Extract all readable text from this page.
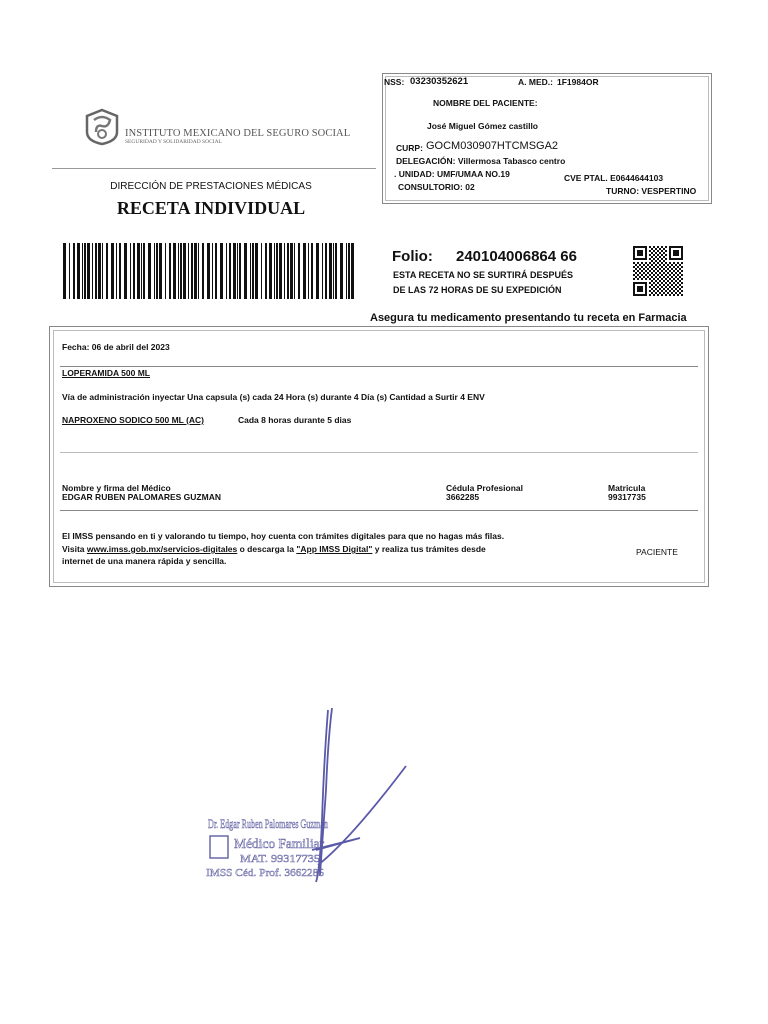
INSTITUTO MEXICANO DEL SEGURO SOCIAL
SEGURIDAD Y SOLIDARIDAD SOCIAL
DIRECCIÓN DE PRESTACIONES MÉDICAS
RECETA INDIVIDUAL
NSS: 03230352621	A. MED.: 1F1984OR
NOMBRE DEL PACIENTE:
José Miguel Gómez castillo
CURP: GOCM030907HTCMSGA2
DELEGACIÓN: Villermosa Tabasco centro
. UNIDAD: UMF/UMAA NO.19	CVE PTAL. E0644644103
CONSULTORIO: 02	TURNO: VESPERTINO
Folio: 240104006864 66
ESTA RECETA NO SE SURTIRÁ DESPUÉS
DE LAS 72 HORAS DE SU EXPEDICIÓN
Asegura tu medicamento presentando tu receta en Farmacia
Fecha: 06 de abril del 2023
LOPERAMIDA 500 ML
Vía de administración inyectar Una capsula (s) cada 24 Hora (s) durante 4 Día (s) Cantidad a Surtir 4 ENV
NAPROXENO SODICO 500 ML (AC)	Cada 8 horas durante 5 dias
Nombre y firma del Médico
EDGAR RUBEN PALOMARES GUZMAN
Cédula Profesional
3662285
Matricula
99317735
El IMSS pensando en ti y valorando tu tiempo, hoy cuenta con trámites digitales para que no hagas más filas.
Visita www.imss.gob.mx/servicios-digitales o descarga la "App IMSS Digital" y realiza tus trámites desde
internet de una manera rápida y sencilla.
PACIENTE
Dr. Edgar Ruben Palomares Guzman
Médico Familiar
MAT. 99317735
IMSS Céd. Prof. 3662285
